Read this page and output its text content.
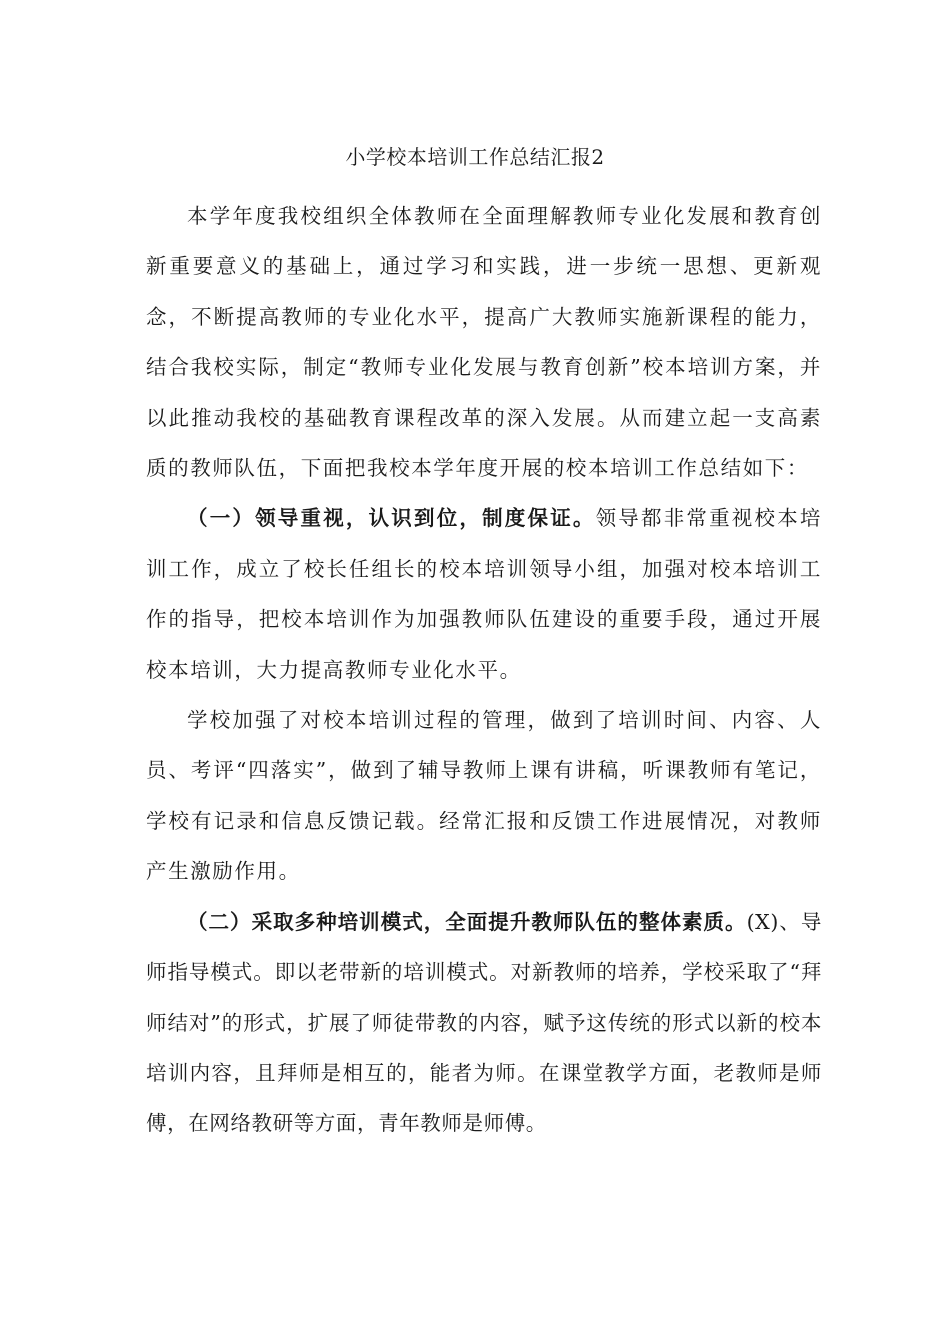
小学校本培训工作总结汇报2

本学年度我校组织全体教师在全面理解教师专业化发展和教育创新重要意义的基础上，通过学习和实践，进一步统一思想、更新观念，不断提高教师的专业化水平，提高广大教师实施新课程的能力，结合我校实际，制定“教师专业化发展与教育创新”校本培训方案，并以此推动我校的基础教育课程改革的深入发展。从而建立起一支高素质的教师队伍，下面把我校本学年度开展的校本培训工作总结如下：

（一）领导重视，认识到位，制度保证。领导都非常重视校本培训工作，成立了校长任组长的校本培训领导小组，加强对校本培训工作的指导，把校本培训作为加强教师队伍建设的重要手段，通过开展校本培训，大力提高教师专业化水平。

学校加强了对校本培训过程的管理，做到了培训时间、内容、人员、考评“四落实”，做到了辅导教师上课有讲稿，听课教师有笔记，学校有记录和信息反馈记载。经常汇报和反馈工作进展情况，对教师产生激励作用。

（二）采取多种培训模式，全面提升教师队伍的整体素质。(X)、导师指导模式。即以老带新的培训模式。对新教师的培养，学校采取了“拜师结对”的形式，扩展了师徒带教的内容，赋予这传统的形式以新的校本培训内容，且拜师是相互的，能者为师。在课堂教学方面，老教师是师傅，在网络教研等方面，青年教师是师傅。
